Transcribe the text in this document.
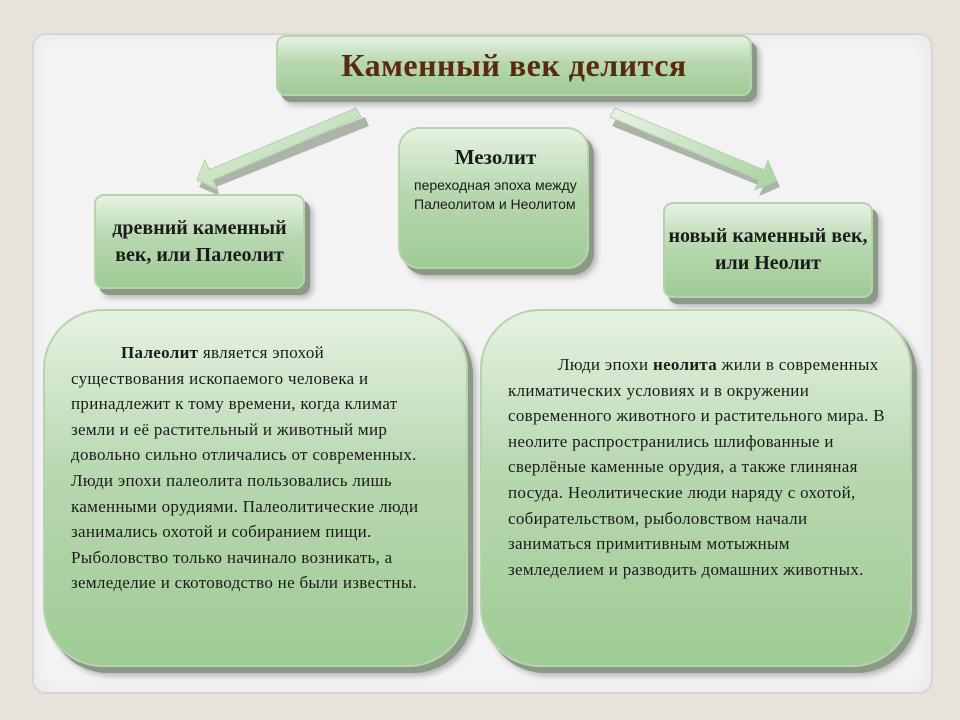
Каменный век делится
древний каменный век, или Палеолит
Мезолит
переходная эпоха между Палеолитом и Неолитом
новый каменный век, или Неолит
Палеолит является эпохой существования ископаемого человека и принадлежит к тому времени, когда климат земли и её растительный и животный мир довольно сильно отличались от современных. Люди эпохи палеолита пользовались лишь каменными орудиями. Палеолитические люди занимались охотой и собиранием пищи. Рыболовство только начинало возникать, а земледелие и скотоводство не были известны.
Люди эпохи неолита жили в современных климатических условиях и в окружении современного животного и растительного мира. В неолите распространились шлифованные и сверлёные каменные орудия, а также глиняная посуда. Неолитические люди наряду с охотой, собирательством, рыболовством начали заниматься примитивным мотыжным земледелием и разводить домашних животных.
